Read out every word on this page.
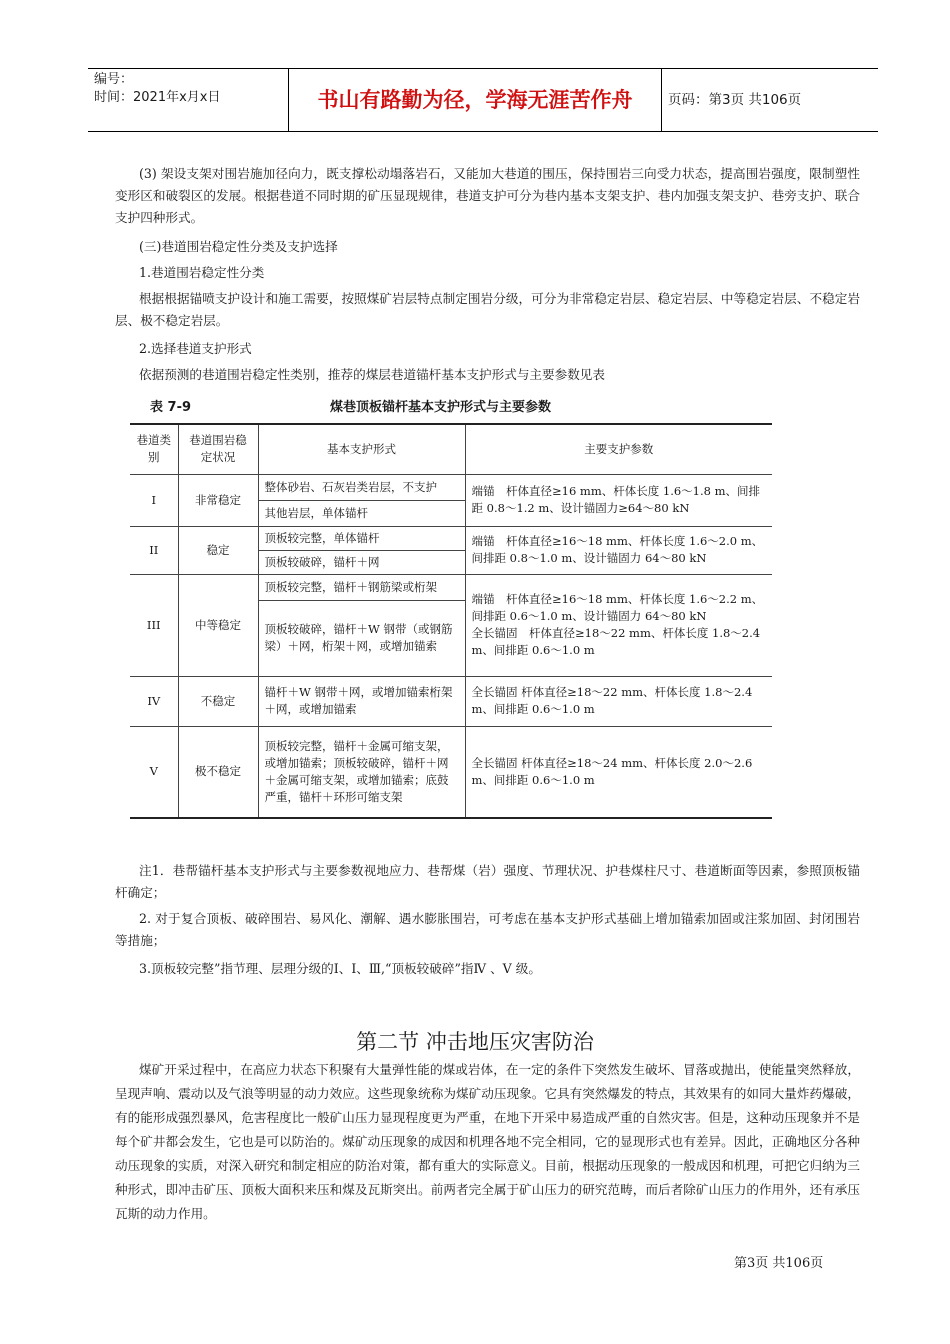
编号：
时间：2021年x月x日	书山有路勤为径，学海无涯苦作舟	页码：第3页 共106页
(3) 架设支架对围岩施加径向力，既支撑松动塌落岩石，又能加大巷道的围压，保持围岩三向受力状态，提高围岩强度，限制塑性变形区和破裂区的发展。根据巷道不同时期的矿压显现规律，巷道支护可分为巷内基本支架支护、巷内加强支架支护、巷旁支护、联合支护四种形式。
(三)巷道围岩稳定性分类及支护选择
1.巷道围岩稳定性分类
根据根据锚喷支护设计和施工需要，按照煤矿岩层特点制定围岩分级，可分为非常稳定岩层、稳定岩层、中等稳定岩层、不稳定岩层、极不稳定岩层。
2.选择巷道支护形式
依据预测的巷道围岩稳定性类别，推荐的煤层巷道锚杆基本支护形式与主要参数见表
表 7-9	煤巷顶板锚杆基本支护形式与主要参数
巷道类别	巷道围岩稳定状况	基本支护形式	主要支护参数
I	非常稳定	整体砂岩、石灰岩类岩层，不支护	端锚　杆体直径≥16 mm、杆体长度 1.6～1.8 m、间排距 0.8～1.2 m、设计锚固力≥64～80 kN
		其他岩层，单体锚杆	
II	稳定	顶板较完整，单体锚杆	端锚　杆体直径≥16～18 mm、杆体长度 1.6～2.0 m、间排距 0.8～1.0 m、设计锚固力 64～80 kN
		顶板较破碎，锚杆＋网	
III	中等稳定	顶板较完整，锚杆＋钢筋梁或桁架	端锚　杆体直径≥16～18 mm、杆体长度 1.6～2.2 m、间排距 0.6～1.0 m、设计锚固力 64～80 kN
全长锚固　杆体直径≥18～22 mm、杆体长度 1.8～2.4 m、间排距 0.6～1.0 m

		顶板较破碎，锚杆＋W 钢带（或钢筋梁）＋网，桁架＋网，或增加锚索	
IV	不稳定	锚杆＋W 钢带＋网，或增加锚索桁架＋网，或增加锚索	全长锚固 杆体直径≥18～22 mm、杆体长度 1.8～2.4 m、间排距 0.6～1.0 m
V	极不稳定	顶板较完整，锚杆＋金属可缩支架，或增加锚索；顶板较破碎，锚杆＋网＋金属可缩支架，或增加锚索；底鼓严重，锚杆＋环形可缩支架	全长锚固 杆体直径≥18～24 mm、杆体长度 2.0～2.6 m、间排距 0.6～1.0 m
注1．巷帮锚杆基本支护形式与主要参数视地应力、巷帮煤（岩）强度、节理状况、护巷煤柱尺寸、巷道断面等因素，参照顶板锚杆确定；
2. 对于复合顶板、破碎围岩、易风化、潮解、遇水膨胀围岩，可考虑在基本支护形式基础上增加锚索加固或注浆加固、封闭围岩等措施；
3.顶板较完整”指节理、层理分级的Ⅰ、Ⅰ、Ⅲ,“顶板较破碎”指Ⅳ 、Ⅴ 级。
第二节 冲击地压灾害防治
煤矿开采过程中，在高应力状态下积聚有大量弹性能的煤或岩体，在一定的条件下突然发生破坏、冒落或抛出，使能量突然释放，呈现声响、震动以及气浪等明显的动力效应。这些现象统称为煤矿动压现象。它具有突然爆发的特点，其效果有的如同大量炸药爆破，有的能形成强烈暴风，危害程度比一般矿山压力显现程度更为严重，在地下开采中易造成严重的自然灾害。但是，这种动压现象并不是每个矿井都会发生，它也是可以防治的。煤矿动压现象的成因和机理各地不完全相同，它的显现形式也有差异。因此，正确地区分各种动压现象的实质，对深入研究和制定相应的防治对策，都有重大的实际意义。目前，根据动压现象的一般成因和机理，可把它归纳为三种形式，即冲击矿压、顶板大面积来压和煤及瓦斯突出。前两者完全属于矿山压力的研究范畴，而后者除矿山压力的作用外，还有承压瓦斯的动力作用。
第3页 共106页
